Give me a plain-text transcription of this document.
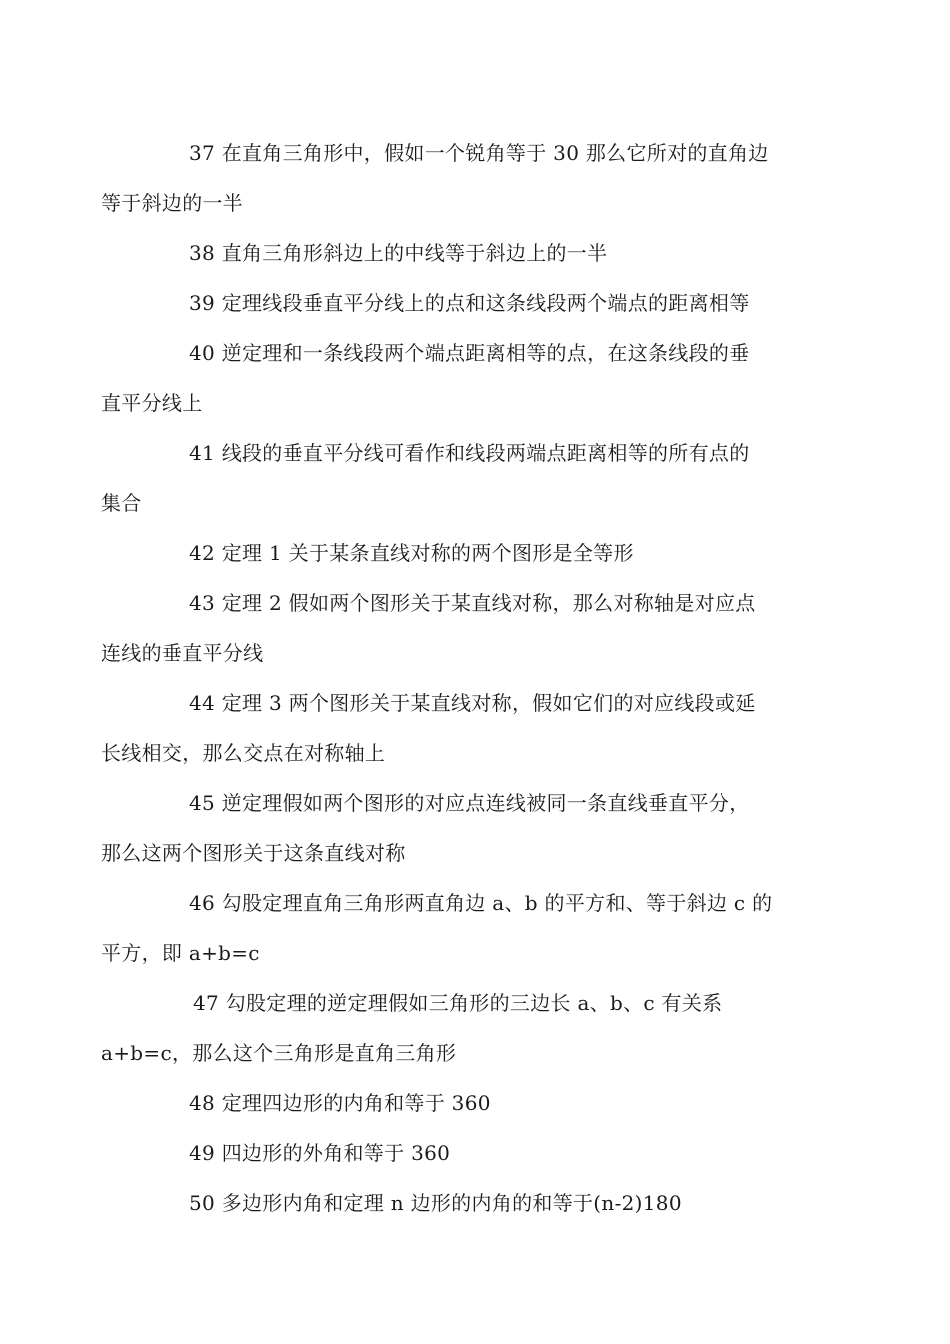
37 在直角三角形中，假如一个锐角等于 30 那么它所对的直角边
等于斜边的一半

38 直角三角形斜边上的中线等于斜边上的一半

39 定理线段垂直平分线上的点和这条线段两个端点的距离相等

40 逆定理和一条线段两个端点距离相等的点，在这条线段的垂
直平分线上

41 线段的垂直平分线可看作和线段两端点距离相等的所有点的
集合

42 定理 1 关于某条直线对称的两个图形是全等形

43 定理 2 假如两个图形关于某直线对称，那么对称轴是对应点
连线的垂直平分线

44 定理 3 两个图形关于某直线对称，假如它们的对应线段或延
长线相交，那么交点在对称轴上

45 逆定理假如两个图形的对应点连线被同一条直线垂直平分，
那么这两个图形关于这条直线对称

46 勾股定理直角三角形两直角边 a、b 的平方和、等于斜边 c 的
平方，即 a+b=c

47 勾股定理的逆定理假如三角形的三边长 a、b、c 有关系
a+b=c，那么这个三角形是直角三角形

48 定理四边形的内角和等于 360

49 四边形的外角和等于 360

50 多边形内角和定理 n 边形的内角的和等于(n-2)180
